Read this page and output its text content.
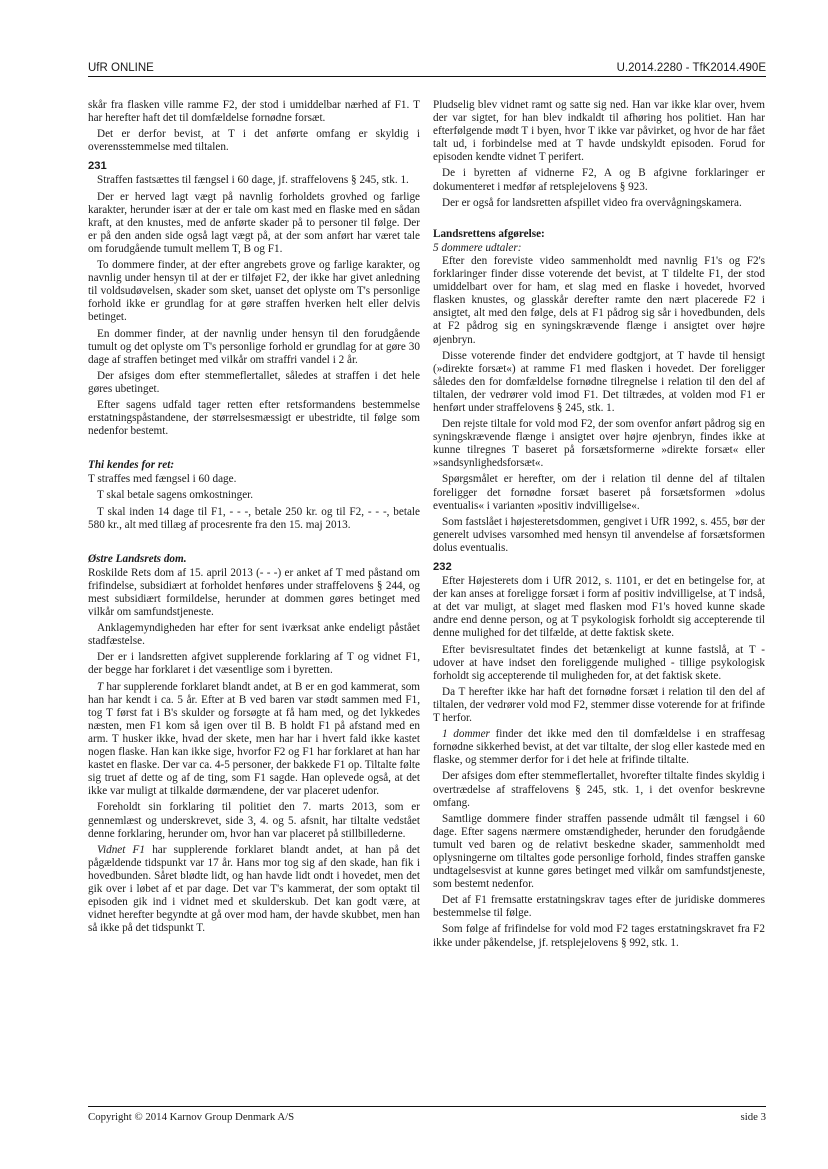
UfR ONLINE	U.2014.2280 - TfK2014.490E

skår fra flasken ville ramme F2, der stod i umiddelbar nærhed af F1. T har herefter haft det til domfældelse fornødne forsæt.

Det er derfor bevist, at T i det anførte omfang er skyldig i overensstemmelse med tiltalen.

231

Straffen fastsættes til fængsel i 60 dage, jf. straffelovens § 245, stk. 1.

Der er herved lagt vægt på navnlig forholdets grovhed og farlige karakter, herunder især at der er tale om kast med en flaske med en sådan kraft, at den knustes, med de anførte skader på to personer til følge. Der er på den anden side også lagt vægt på, at der som anført har været tale om forudgående tumult mellem T, B og F1.

To dommere finder, at der efter angrebets grove og farlige karakter, og navnlig under hensyn til at der er tilføjet F2, der ikke har givet anledning til voldsudøvelsen, skader som sket, uanset det oplyste om T's personlige forhold ikke er grundlag for at gøre straffen hverken helt eller delvis betinget.

En dommer finder, at der navnlig under hensyn til den forudgående tumult og det oplyste om T's personlige forhold er grundlag for at gøre 30 dage af straffen betinget med vilkår om straffri vandel i 2 år.

Der afsiges dom efter stemmeflertallet, således at straffen i det hele gøres ubetinget.

Efter sagens udfald tager retten efter retsformandens bestemmelse erstatningspåstandene, der størrelsesmæssigt er ubestridte, til følge som nedenfor bestemt.

Thi kendes for ret:

T straffes med fængsel i 60 dage.

T skal betale sagens omkostninger.

T skal inden 14 dage til F1, - - -, betale 250 kr. og til F2, - - -, betale 580 kr., alt med tillæg af procesrente fra den 15. maj 2013.

Østre Landsrets dom.

Roskilde Rets dom af 15. april 2013 (- - -) er anket af T med påstand om frifindelse, subsidiært at forholdet henføres under straffelovens § 244, og mest subsidiært formildelse, herunder at dommen gøres betinget med vilkår om samfundstjeneste.

Anklagemyndigheden har efter for sent iværksat anke endeligt påstået stadfæstelse.

Der er i landsretten afgivet supplerende forklaring af T og vidnet F1, der begge har forklaret i det væsentlige som i byretten.

T har supplerende forklaret blandt andet, at B er en god kammerat, som han har kendt i ca. 5 år. Efter at B ved baren var stødt sammen med F1, tog T først fat i B's skulder og forsøgte at få ham med, og det lykkedes næsten, men F1 kom så igen over til B. B holdt F1 på afstand med en arm. T husker ikke, hvad der skete, men har har i hvert fald ikke kastet nogen flaske. Han kan ikke sige, hvorfor F2 og F1 har forklaret at han har kastet en flaske. Der var ca. 4-5 personer, der bakkede F1 op. Tiltalte følte sig truet af dette og af de ting, som F1 sagde. Han oplevede også, at det ikke var muligt at tilkalde dørmændene, der var placeret udenfor.

Foreholdt sin forklaring til politiet den 7. marts 2013, som er gennemlæst og underskrevet, side 3, 4. og 5. afsnit, har tiltalte vedstået denne forklaring, herunder om, hvor han var placeret på stillbillederne.

Vidnet F1 har supplerende forklaret blandt andet, at han på det pågældende tidspunkt var 17 år. Hans mor tog sig af den skade, han fik i hovedbunden. Såret blødte lidt, og han havde lidt ondt i hovedet, men det gik over i løbet af et par dage. Det var T's kammerat, der som optakt til episoden gik ind i vidnet med et skulderskub. Det kan godt være, at vidnet herefter begyndte at gå over mod ham, der havde skubbet, men han så ikke på det tidspunkt T.

Pludselig blev vidnet ramt og satte sig ned. Han var ikke klar over, hvem der var sigtet, for han blev indkaldt til afhøring hos politiet. Han har efterfølgende mødt T i byen, hvor T ikke var påvirket, og hvor de har fået talt ud, i forbindelse med at T havde undskyldt episoden. Forud for episoden kendte vidnet T perifert.

De i byretten af vidnerne F2, A og B afgivne forklaringer er dokumenteret i medfør af retsplejelovens § 923.

Der er også for landsretten afspillet video fra overvågningskamera.

Landsrettens afgørelse:
5 dommere udtaler:

Efter den foreviste video sammenholdt med navnlig F1's og F2's forklaringer finder disse voterende det bevist, at T tildelte F1, der stod umiddelbart over for ham, et slag med en flaske i hovedet, hvorved flasken knustes, og glasskår derefter ramte den nært placerede F2 i ansigtet, alt med den følge, dels at F1 pådrog sig sår i hovedbunden, dels at F2 pådrog sig en syningskrævende flænge i ansigtet over højre øjenbryn.

Disse voterende finder det endvidere godtgjort, at T havde til hensigt (»direkte forsæt«) at ramme F1 med flasken i hovedet. Der foreligger således den for domfældelse fornødne tilregnelse i relation til den del af tiltalen, der vedrører vold imod F1. Det tiltrædes, at volden mod F1 er henført under straffelovens § 245, stk. 1.

Den rejste tiltale for vold mod F2, der som ovenfor anført pådrog sig en syningskrævende flænge i ansigtet over højre øjenbryn, findes ikke at kunne tilregnes T baseret på forsætsformerne »direkte forsæt« eller »sandsynlighedsforsæt«.

Spørgsmålet er herefter, om der i relation til denne del af tiltalen foreligger det fornødne forsæt baseret på forsætsformen »dolus eventualis« i varianten »positiv indvilligelse«.

Som fastslået i højesteretsdommen, gengivet i UfR 1992, s. 455, bør der generelt udvises varsomhed med hensyn til anvendelse af forsætsformen dolus eventualis.

232

Efter Højesterets dom i UfR 2012, s. 1101, er det en betingelse for, at der kan anses at foreligge forsæt i form af positiv indvilligelse, at T indså, at det var muligt, at slaget med flasken mod F1's hoved kunne skade andre end denne person, og at T psykologisk forholdt sig accepterende til denne mulighed for det tilfælde, at dette faktisk skete.

Efter bevisresultatet findes det betænkeligt at kunne fastslå, at T - udover at have indset den foreliggende mulighed - tillige psykologisk forholdt sig accepterende til muligheden for, at det faktisk skete.

Da T herefter ikke har haft det fornødne forsæt i relation til den del af tiltalen, der vedrører vold mod F2, stemmer disse voterende for at frifinde T herfor.

1 dommer finder det ikke med den til domfældelse i en straffesag fornødne sikkerhed bevist, at det var tiltalte, der slog eller kastede med en flaske, og stemmer derfor for i det hele at frifinde tiltalte.

Der afsiges dom efter stemmeflertallet, hvorefter tiltalte findes skyldig i overtrædelse af straffelovens § 245, stk. 1, i det ovenfor beskrevne omfang.

Samtlige dommere finder straffen passende udmålt til fængsel i 60 dage. Efter sagens nærmere omstændigheder, herunder den forudgående tumult ved baren og de relativt beskedne skader, sammenholdt med oplysningerne om tiltaltes gode personlige forhold, findes straffen ganske undtagelsesvist at kunne gøres betinget med vilkår om samfundstjeneste, som bestemt nedenfor.

Det af F1 fremsatte erstatningskrav tages efter de juridiske dommeres bestemmelse til følge.

Som følge af frifindelse for vold mod F2 tages erstatningskravet fra F2 ikke under påkendelse, jf. retsplejelovens § 992, stk. 1.

Copyright © 2014 Karnov Group Denmark A/S	side 3
